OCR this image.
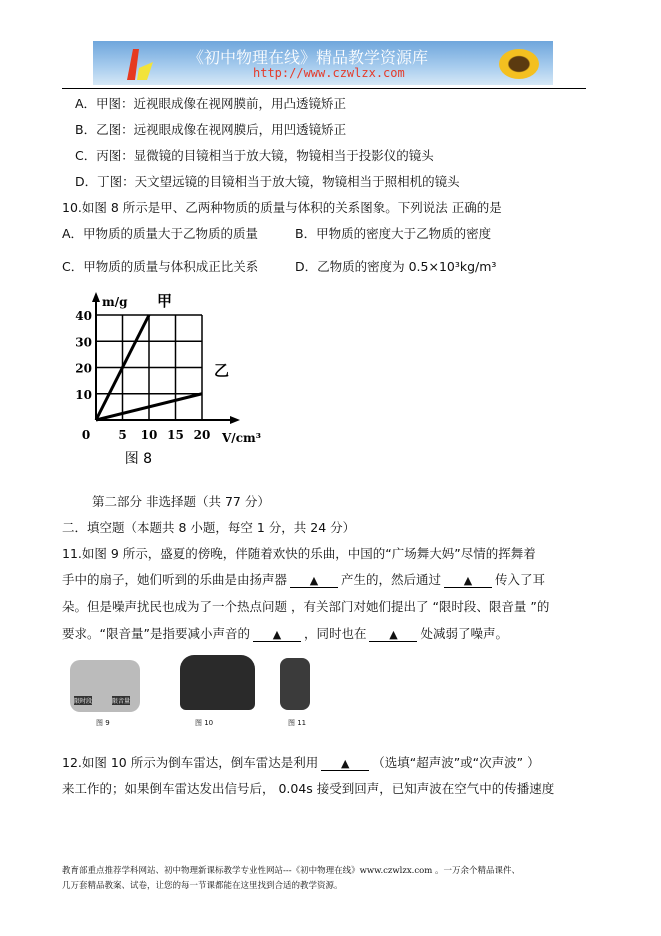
《初中物理在线》精品教学资源库
http://www.czwlzx.com
A．甲图：近视眼成像在视网膜前，用凸透镜矫正
B．乙图：远视眼成像在视网膜后，用凹透镜矫正
C．丙图：显微镜的目镜相当于放大镜，物镜相当于投影仪的镜头
D．丁图：天文望远镜的目镜相当于放大镜，物镜相当于照相机的镜头
10.如图 8 所示是甲、乙两种物质的质量与体积的关系图象。下列说法 正确的是
A．甲物质的质量大于乙物质的质量	B．甲物质的密度大于乙物质的密度
C．甲物质的质量与体积成正比关系	D．乙物质的密度为 0.5×10³kg/m³
甲
乙
m/g
10
20
30
40
0 5 10 15 20 V/cm³
图 8
第二部分 非选择题（共 77 分）
二．填空题（本题共 8 小题，每空 1 分，共 24 分）
11.如图 9 所示，盛夏的傍晚，伴随着欢快的乐曲，中国的“广场舞大妈”尽情的挥舞着
手中的扇子，她们听到的乐曲是由扬声器 ▲ 产生的，然后通过 ▲ 传入了耳
朵。但是噪声扰民也成为了一个热点问题 ，有关部门对她们提出了 “限时段、限音量 ”的
要求。“限音量”是指要减小声音的 ▲ ，同时也在 ▲ 处减弱了噪声。
限时段	限音量
图 9	图 10	图 11
12.如图 10 所示为倒车雷达，倒车雷达是利用 ▲ （选填“超声波”或“次声波” ）
来工作的；如果倒车雷达发出信号后， 0.04s 接受到回声，已知声波在空气中的传播速度
教育部重点推荐学科网站、初中物理新课标教学专业性网站---《初中物理在线》www.czwlzx.com 。一万余个精品课件、
几万套精品教案、试卷，让您的每一节课都能在这里找到合适的教学资源。
